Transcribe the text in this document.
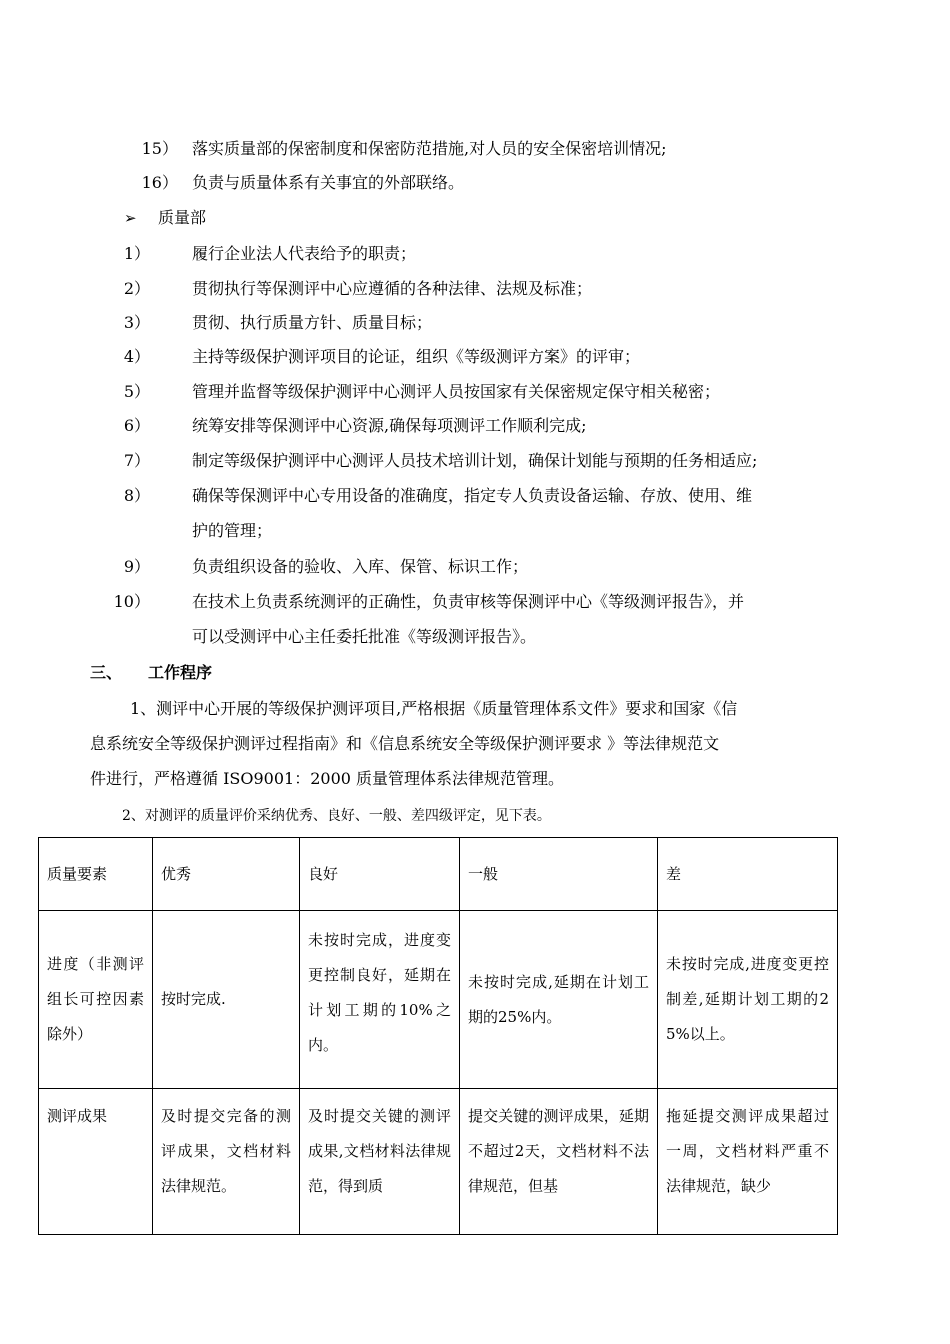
15） 落实质量部的保密制度和保密防范措施,对人员的安全保密培训情况;
16） 负责与质量体系有关事宜的外部联络。
➢ 质量部
1）	履行企业法人代表给予的职责；
2）	贯彻执行等保测评中心应遵循的各种法律、法规及标准；
3）	贯彻、执行质量方针、质量目标；
4）	主持等级保护测评项目的论证，组织《等级测评方案》的评审；
5）	管理并监督等级保护测评中心测评人员按国家有关保密规定保守相关秘密；
6）	统筹安排等保测评中心资源,确保每项测评工作顺利完成;
7）	制定等级保护测评中心测评人员技术培训计划，确保计划能与预期的任务相适应;
8）	确保等保测评中心专用设备的准确度，指定专人负责设备运输、存放、使用、维
护的管理；
9）	负责组织设备的验收、入库、保管、标识工作；
10）	在技术上负责系统测评的正确性，负责审核等保测评中心《等级测评报告》，并
可以受测评中心主任委托批准《等级测评报告》。
三、 工作程序
1、测评中心开展的等级保护测评项目,严格根据《质量管理体系文件》要求和国家《信
息系统安全等级保护测评过程指南》和《信息系统安全等级保护测评要求 》等法律规范文
件进行，严格遵循 ISO9001：2000 质量管理体系法律规范管理。
2、对测评的质量评价采纳优秀、良好、一般、差四级评定，见下表。
质量要素	优秀	良好	一般	差

进度（非测评组长可控因素除外）	按时完成.	未按时完成，进度变更控制良好，延期在计划工期的10%之内。	未按时完成,延期在计划工期的25%内。	未按时完成,进度变更控制差,延期计划工期的25%以上。

测评成果	及时提交完备的测评成果，文档材料法律规范。	及时提交关键的测评成果,文档材料法律规范，得到质	提交关键的测评成果，延期不超过2天，文档材料不法律规范，但基	拖延提交测评成果超过一周，文档材料严重不法律规范，缺少
